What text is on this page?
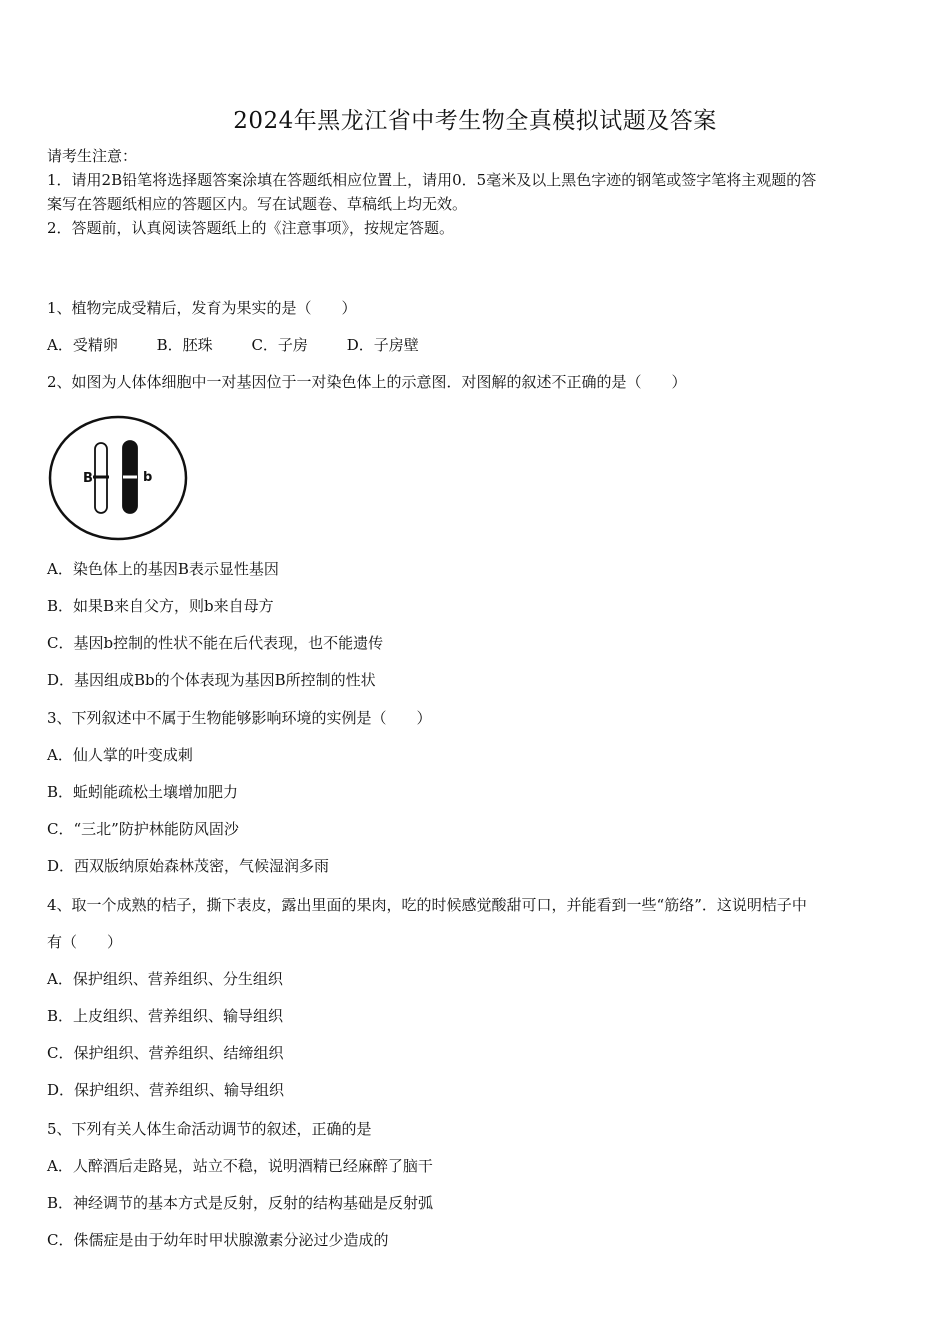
2024年黑龙江省中考生物全真模拟试题及答案

请考生注意：

1．请用2B铅笔将选择题答案涂填在答题纸相应位置上，请用0．5毫米及以上黑色字迹的钢笔或签字笔将主观题的答

案写在答题纸相应的答题区内。写在试题卷、草稿纸上均无效。

2．答题前，认真阅读答题纸上的《注意事项》，按规定答题。

1、植物完成受精后，发育为果实的是（　　）

A．受精卵	B．胚珠	C．子房	D．子房壁

2、如图为人体体细胞中一对基因位于一对染色体上的示意图．对图解的叙述不正确的是（　　）

B	b

A．染色体上的基因B表示显性基因

B．如果B来自父方，则b来自母方

C．基因b控制的性状不能在后代表现，也不能遗传

D．基因组成Bb的个体表现为基因B所控制的性状

3、下列叙述中不属于生物能够影响环境的实例是（　　）

A．仙人掌的叶变成刺

B．蚯蚓能疏松土壤增加肥力

C．“三北”防护林能防风固沙

D．西双版纳原始森林茂密，气候湿润多雨

4、取一个成熟的桔子，撕下表皮，露出里面的果肉，吃的时候感觉酸甜可口，并能看到一些“筋络”．这说明桔子中

有（　　）

A．保护组织、营养组织、分生组织

B．上皮组织、营养组织、输导组织

C．保护组织、营养组织、结缔组织

D．保护组织、营养组织、输导组织

5、下列有关人体生命活动调节的叙述，正确的是

A．人醉酒后走路晃，站立不稳，说明酒精已经麻醉了脑干

B．神经调节的基本方式是反射，反射的结构基础是反射弧

C．侏儒症是由于幼年时甲状腺激素分泌过少造成的
